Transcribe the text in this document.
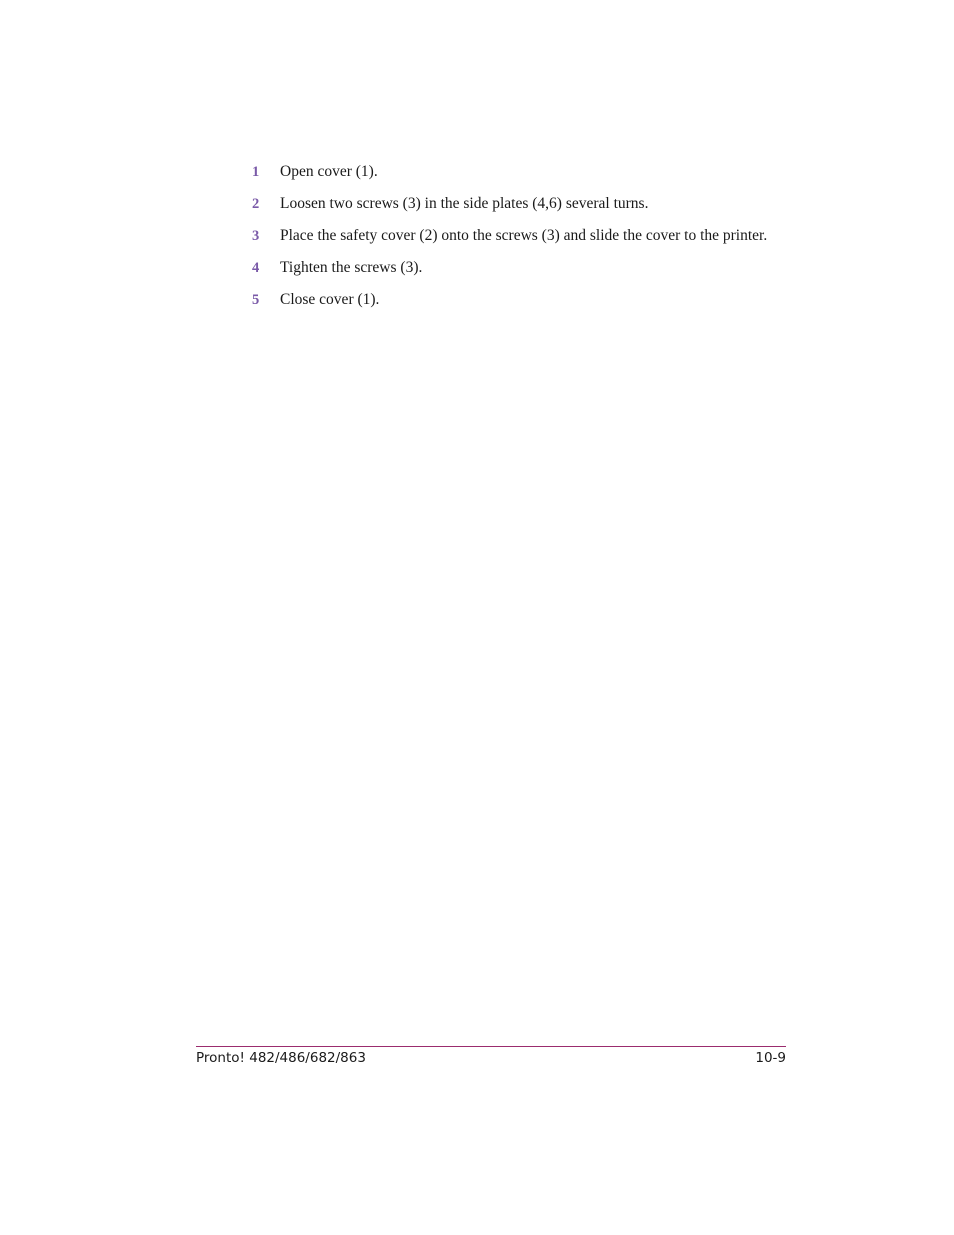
1	Open cover (1).
2	Loosen two screws (3) in the side plates (4,6) several turns.
3	Place the safety cover (2) onto the screws (3) and slide the cover to the printer.
4	Tighten the screws (3).
5	Close cover (1).
Pronto! 482/486/682/863	10-9
